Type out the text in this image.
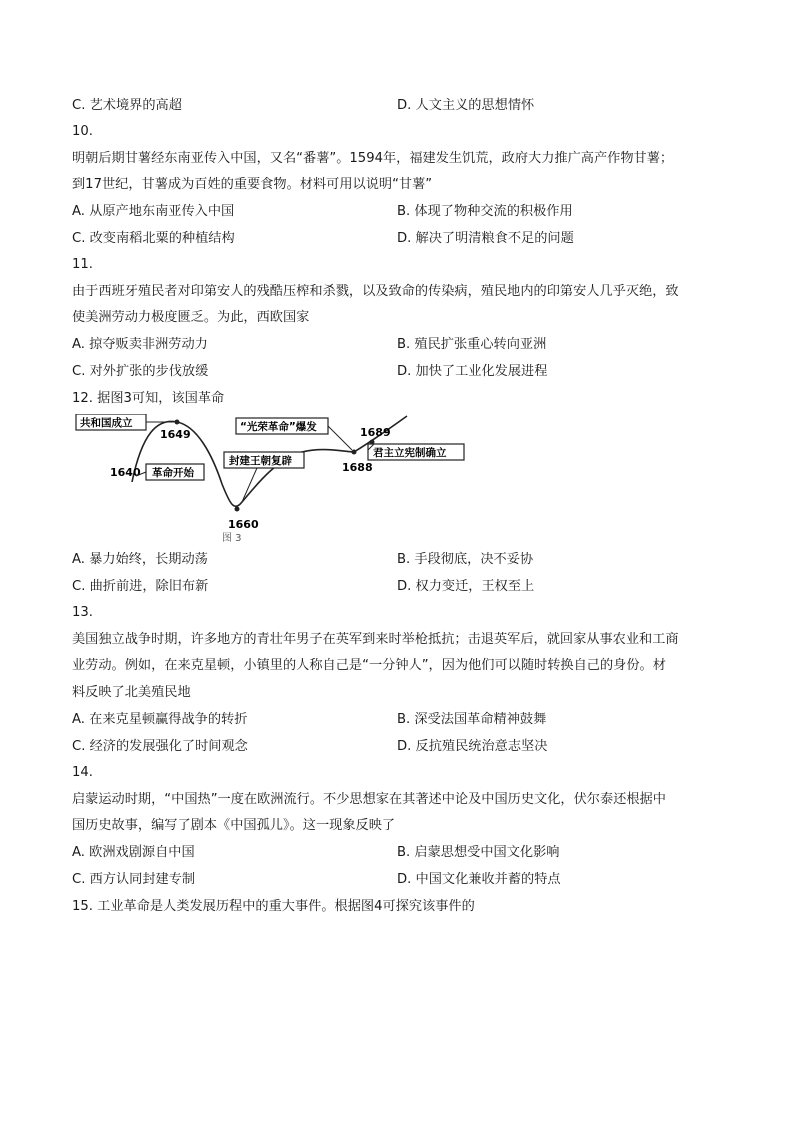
C. 艺术境界的高超	D. 人文主义的思想情怀
10.
明朝后期甘薯经东南亚传入中国，又名“番薯”。1594年，福建发生饥荒，政府大力推广高产作物甘薯；
到17世纪，甘薯成为百姓的重要食物。材料可用以说明“甘薯”
A. 从原产地东南亚传入中国	B. 体现了物种交流的积极作用
C. 改变南稻北粟的种植结构	D. 解决了明清粮食不足的问题
11.
由于西班牙殖民者对印第安人的残酷压榨和杀戮，以及致命的传染病，殖民地内的印第安人几乎灭绝，致
使美洲劳动力极度匮乏。为此，西欧国家
A. 掠夺贩卖非洲劳动力	B. 殖民扩张重心转向亚洲
C. 对外扩张的步伐放缓	D. 加快了工业化发展进程
12. 据图3可知，该国革命
共和国成立
1649
1640 革命开始
封建王朝复辟
1660
“光荣革命”爆发
1688
1689
君主立宪制确立
图 3
A. 暴力始终，长期动荡	B. 手段彻底，决不妥协
C. 曲折前进，除旧布新	D. 权力变迁，王权至上
13.
美国独立战争时期，许多地方的青壮年男子在英军到来时举枪抵抗；击退英军后，就回家从事农业和工商
业劳动。例如，在来克星顿，小镇里的人称自己是“一分钟人”，因为他们可以随时转换自己的身份。材
料反映了北美殖民地
A. 在来克星顿赢得战争的转折	B. 深受法国革命精神鼓舞
C. 经济的发展强化了时间观念	D. 反抗殖民统治意志坚决
14.
启蒙运动时期，“中国热”一度在欧洲流行。不少思想家在其著述中论及中国历史文化，伏尔泰还根据中
国历史故事，编写了剧本《中国孤儿》。这一现象反映了
A. 欧洲戏剧源自中国	B. 启蒙思想受中国文化影响
C. 西方认同封建专制	D. 中国文化兼收并蓄的特点
15. 工业革命是人类发展历程中的重大事件。根据图4可探究该事件的
